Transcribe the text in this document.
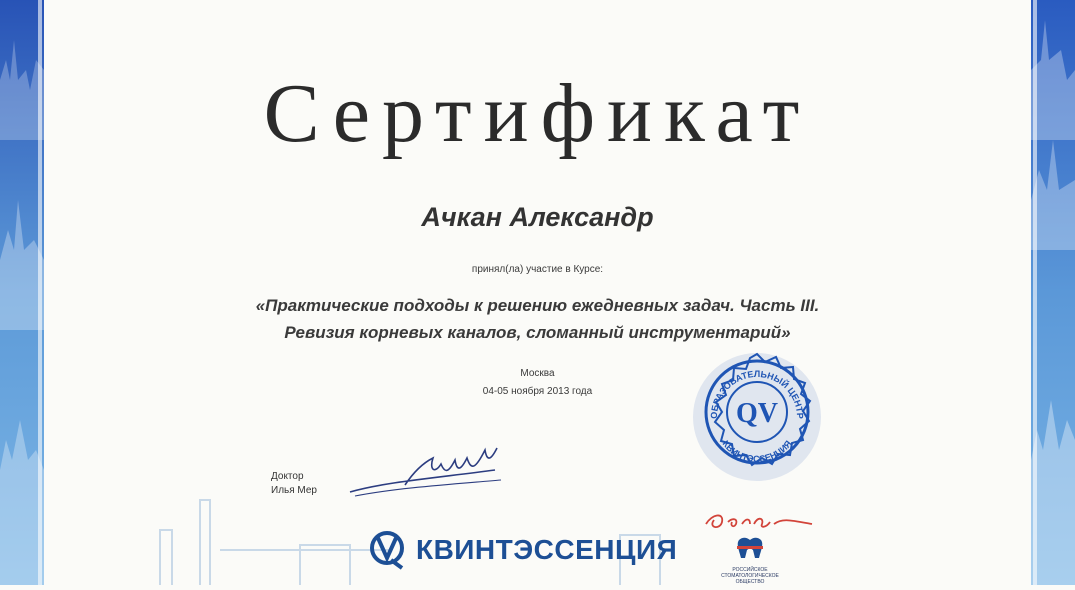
Сертификат
Ачкан Александр
принял(ла) участие в Курсе:
«Практические подходы к решению ежедневных задач. Часть III.
Ревизия корневых каналов, сломанный инструментарий»
Москва
04-05 ноября 2013 года
Доктор
Илья Мер
ОБРАЗОВАТЕЛЬНЫЙ ЦЕНТР
КВИНТЭССЕНЦИЯ
QV
КВИНТЭССЕНЦИЯ
РОССИЙСКОЕ
СТОМАТОЛОГИЧЕСКОЕ
ОБЩЕСТВО
